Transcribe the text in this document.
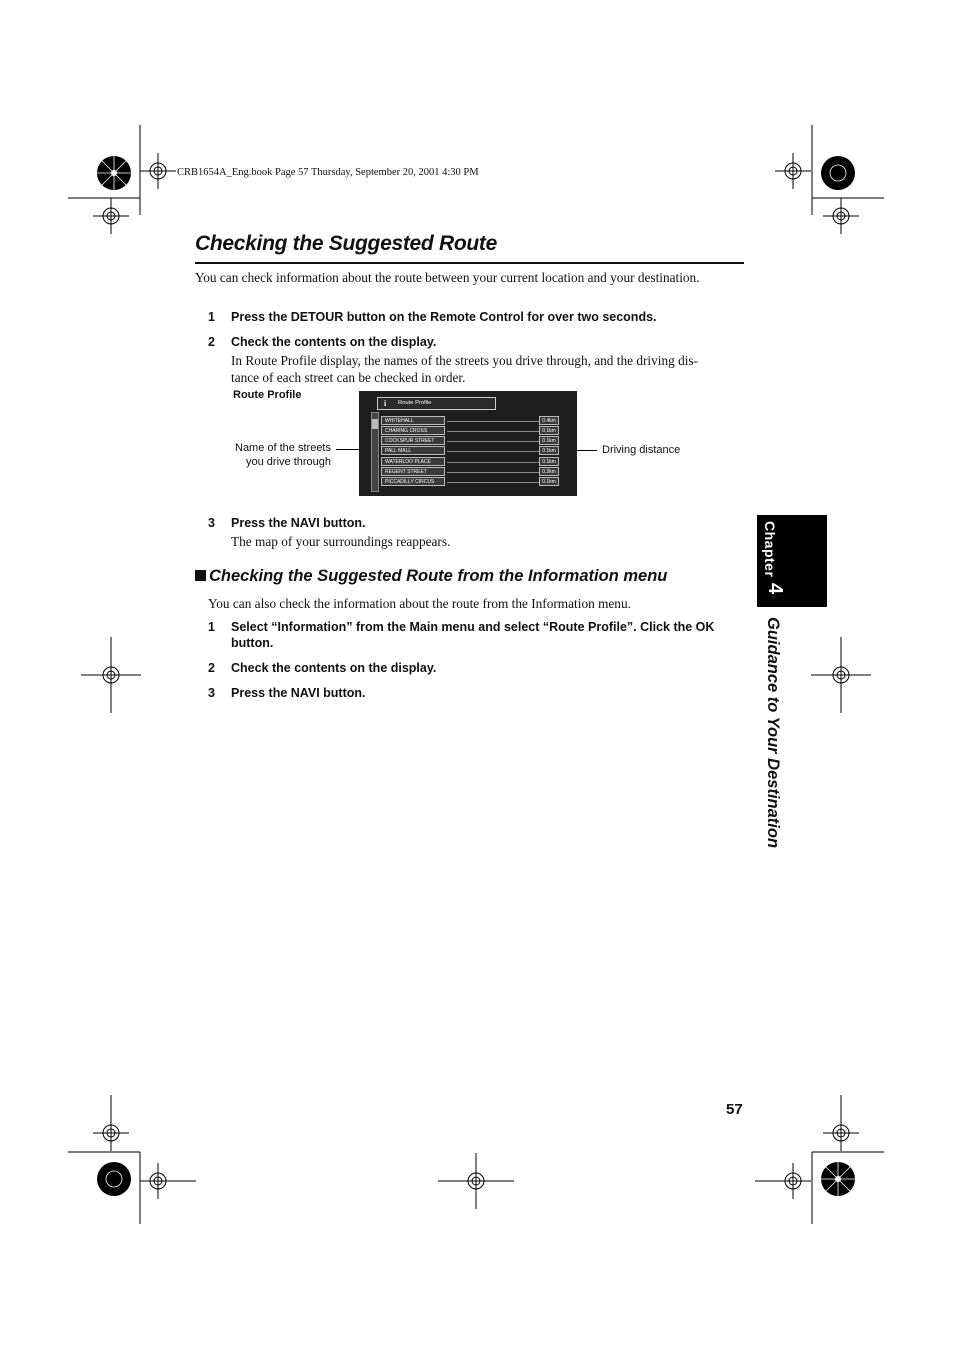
CRB1654A_Eng.book Page 57 Thursday, September 20, 2001 4:30 PM
Checking the Suggested Route
You can check information about the route between your current location and your destination.
1 Press the DETOUR button on the Remote Control for over two seconds.
2 Check the contents on the display.
In Route Profile display, the names of the streets you drive through, and the driving dis-
tance of each street can be checked in order.
Route Profile
Name of the streets
you drive through
Driving distance
i Route Profile
WHITEHALL	0.4km
CHARING CROSS	0.1km
COCKSPUR STREET	0.1km
PALL MALL	0.1km
WATERLOO PLACE	0.1km
REGENT STREET	0.2km
PICCADILLY CIRCUS	0.1km
3 Press the NAVI button.
The map of your surroundings reappears.
Checking the Suggested Route from the Information menu
You can also check the information about the route from the Information menu.
1 Select “Information” from the Main menu and select “Route Profile”. Click the OK
button.
2 Check the contents on the display.
3 Press the NAVI button.
Chapter
4
Guidance to Your Destination
57
